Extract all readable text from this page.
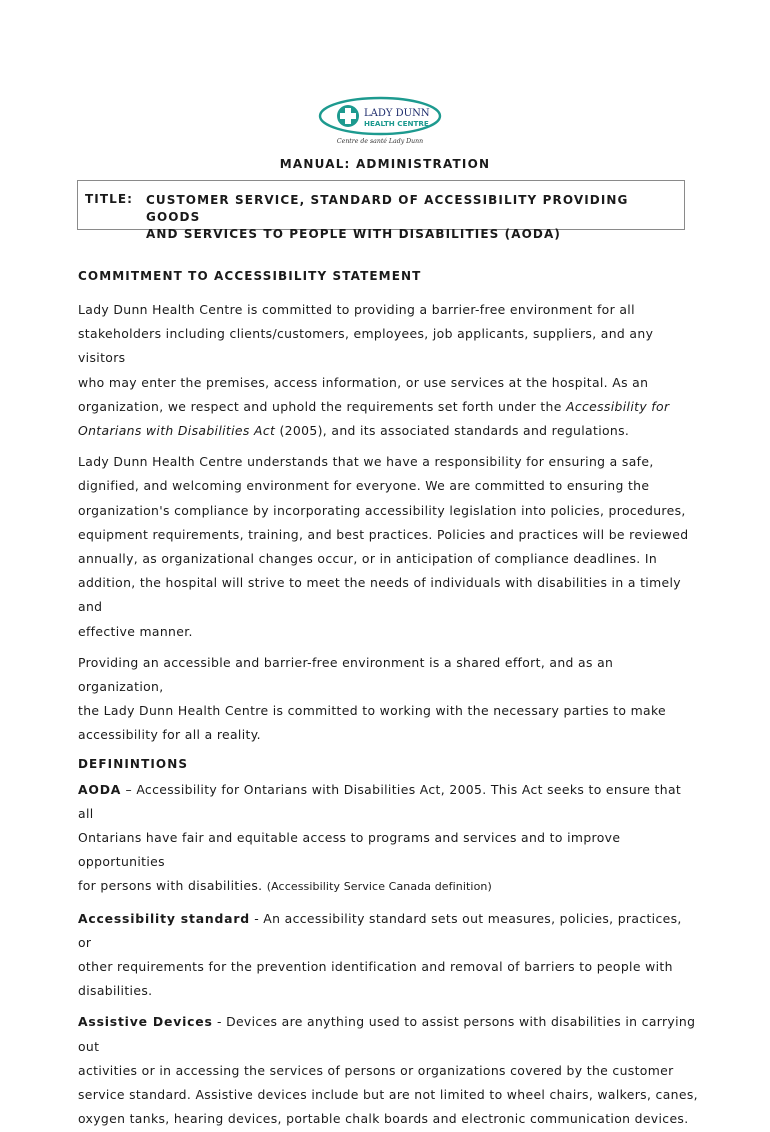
LADY DUNN
HEALTH CENTRE
Centre de santé Lady Dunn
MANUAL: ADMINISTRATION
TITLE: CUSTOMER SERVICE, STANDARD OF ACCESSIBILITY PROVIDING GOODS
AND SERVICES TO PEOPLE WITH DISABILITIES (AODA)
COMMITMENT TO ACCESSIBILITY STATEMENT
Lady Dunn Health Centre is committed to providing a barrier-free environment for all
stakeholders including clients/customers, employees, job applicants, suppliers, and any visitors
who may enter the premises, access information, or use services at the hospital. As an
organization, we respect and uphold the requirements set forth under the Accessibility for
Ontarians with Disabilities Act (2005), and its associated standards and regulations.
Lady Dunn Health Centre understands that we have a responsibility for ensuring a safe,
dignified, and welcoming environment for everyone. We are committed to ensuring the
organization's compliance by incorporating accessibility legislation into policies, procedures,
equipment requirements, training, and best practices. Policies and practices will be reviewed
annually, as organizational changes occur, or in anticipation of compliance deadlines. In
addition, the hospital will strive to meet the needs of individuals with disabilities in a timely and
effective manner.
Providing an accessible and barrier-free environment is a shared effort, and as an organization,
the Lady Dunn Health Centre is committed to working with the necessary parties to make
accessibility for all a reality.
DEFININTIONS
AODA – Accessibility for Ontarians with Disabilities Act, 2005. This Act seeks to ensure that all
Ontarians have fair and equitable access to programs and services and to improve opportunities
for persons with disabilities. (Accessibility Service Canada definition)
Accessibility standard - An accessibility standard sets out measures, policies, practices, or
other requirements for the prevention identification and removal of barriers to people with
disabilities.
Assistive Devices - Devices are anything used to assist persons with disabilities in carrying out
activities or in accessing the services of persons or organizations covered by the customer
service standard. Assistive devices include but are not limited to wheel chairs, walkers, canes,
oxygen tanks, hearing devices, portable chalk boards and electronic communication devices.
